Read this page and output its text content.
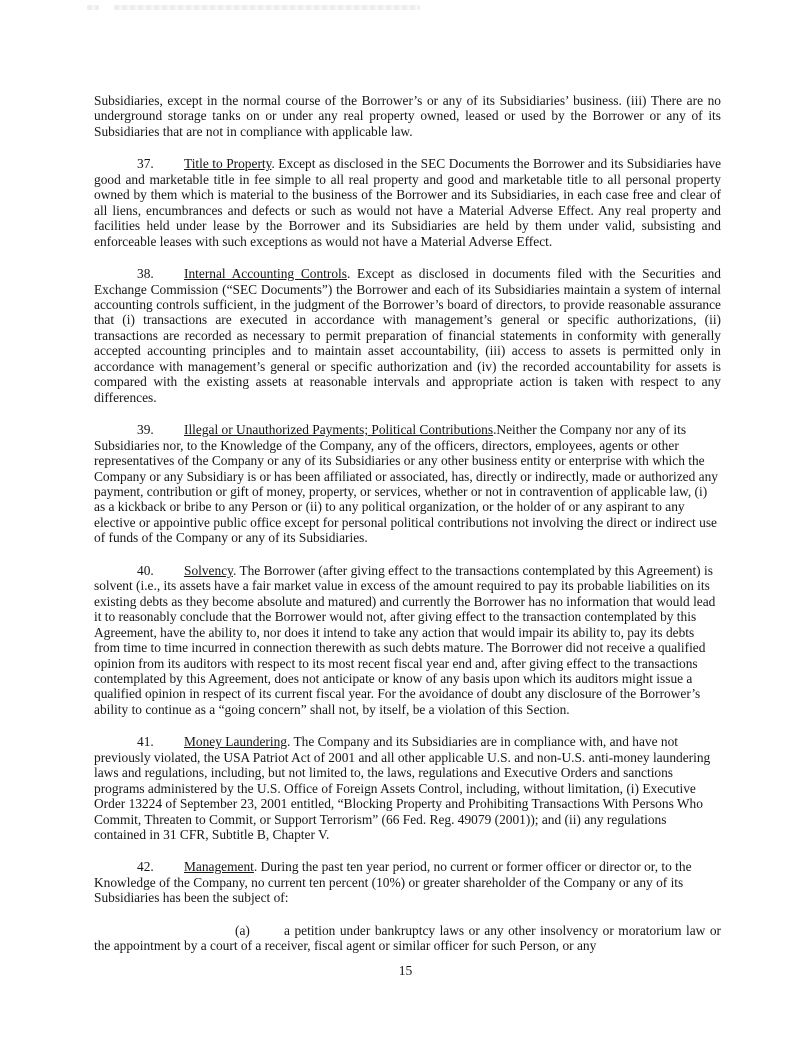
Subsidiaries, except in the normal course of the Borrower’s or any of its Subsidiaries’ business. (iii) There are no underground storage tanks on or under any real property owned, leased or used by the Borrower or any of its Subsidiaries that are not in compliance with applicable law.

37. Title to Property. Except as disclosed in the SEC Documents the Borrower and its Subsidiaries have good and marketable title in fee simple to all real property and good and marketable title to all personal property owned by them which is material to the business of the Borrower and its Subsidiaries, in each case free and clear of all liens, encumbrances and defects or such as would not have a Material Adverse Effect. Any real property and facilities held under lease by the Borrower and its Subsidiaries are held by them under valid, subsisting and enforceable leases with such exceptions as would not have a Material Adverse Effect.

38. Internal Accounting Controls. Except as disclosed in documents filed with the Securities and Exchange Commission (“SEC Documents”) the Borrower and each of its Subsidiaries maintain a system of internal accounting controls sufficient, in the judgment of the Borrower’s board of directors, to provide reasonable assurance that (i) transactions are executed in accordance with management’s general or specific authorizations, (ii) transactions are recorded as necessary to permit preparation of financial statements in conformity with generally accepted accounting principles and to maintain asset accountability, (iii) access to assets is permitted only in accordance with management’s general or specific authorization and (iv) the recorded accountability for assets is compared with the existing assets at reasonable intervals and appropriate action is taken with respect to any differences.

39. Illegal or Unauthorized Payments; Political Contributions.Neither the Company nor any of its Subsidiaries nor, to the Knowledge of the Company, any of the officers, directors, employees, agents or other representatives of the Company or any of its Subsidiaries or any other business entity or enterprise with which the Company or any Subsidiary is or has been affiliated or associated, has, directly or indirectly, made or authorized any payment, contribution or gift of money, property, or services, whether or not in contravention of applicable law, (i) as a kickback or bribe to any Person or (ii) to any political organization, or the holder of or any aspirant to any elective or appointive public office except for personal political contributions not involving the direct or indirect use of funds of the Company or any of its Subsidiaries.

40. Solvency. The Borrower (after giving effect to the transactions contemplated by this Agreement) is solvent (i.e., its assets have a fair market value in excess of the amount required to pay its probable liabilities on its existing debts as they become absolute and matured) and currently the Borrower has no information that would lead it to reasonably conclude that the Borrower would not, after giving effect to the transaction contemplated by this Agreement, have the ability to, nor does it intend to take any action that would impair its ability to, pay its debts from time to time incurred in connection therewith as such debts mature. The Borrower did not receive a qualified opinion from its auditors with respect to its most recent fiscal year end and, after giving effect to the transactions contemplated by this Agreement, does not anticipate or know of any basis upon which its auditors might issue a qualified opinion in respect of its current fiscal year. For the avoidance of doubt any disclosure of the Borrower’s ability to continue as a “going concern” shall not, by itself, be a violation of this Section.

41. Money Laundering. The Company and its Subsidiaries are in compliance with, and have not previously violated, the USA Patriot Act of 2001 and all other applicable U.S. and non-U.S. anti-money laundering laws and regulations, including, but not limited to, the laws, regulations and Executive Orders and sanctions programs administered by the U.S. Office of Foreign Assets Control, including, without limitation, (i) Executive Order 13224 of September 23, 2001 entitled, “Blocking Property and Prohibiting Transactions With Persons Who Commit, Threaten to Commit, or Support Terrorism” (66 Fed. Reg. 49079 (2001)); and (ii) any regulations contained in 31 CFR, Subtitle B, Chapter V.

42. Management. During the past ten year period, no current or former officer or director or, to the Knowledge of the Company, no current ten percent (10%) or greater shareholder of the Company or any of its Subsidiaries has been the subject of:

(a)	a petition under bankruptcy laws or any other insolvency or moratorium law or the appointment by a court of a receiver, fiscal agent or similar officer for such Person, or any

15
